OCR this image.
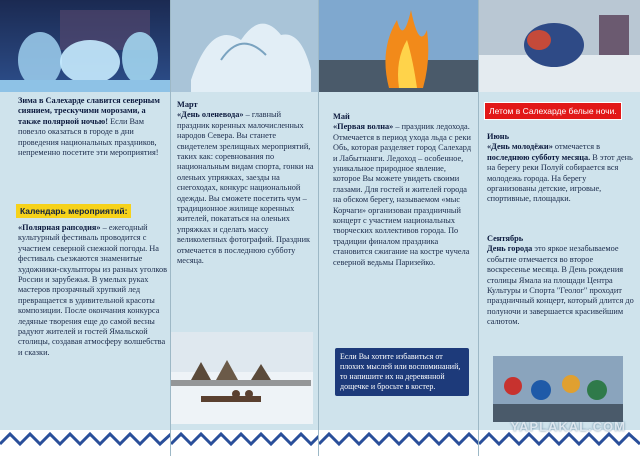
Зима в Салехарде славится северным сиянием, трескучими морозами, а также полярной ночью! Если Вам повезло оказаться в городе в дни проведения национальных праздников, непременно посетите эти мероприятия!
Календарь мероприятий:
«Полярная рапсодия» – ежегодный культурный фестиваль проводится с участием северной снежной погоды. На фестиваль съезжаются знаменитые художники-скульпторы из разных уголков России и зарубежья. В умелых руках мастеров прозрачный хрупкий лед превращается в удивительной красоты композиции. После окончания конкурса ледяные творения еще до самой весны радуют жителей и гостей Ямальской столицы, создавая атмосферу волшебства и сказки.
Март
«День оленевода» – главный праздник коренных малочисленных народов Севера. Вы станете свидетелем зрелищных мероприятий, таких как: соревнования по национальным видам спорта, гонки на оленьих упряжках, заезды на снегоходах, конкурс национальной одежды. Вы сможете посетить чум – традиционное жилище коренных жителей, покататься на оленьих упряжках и сделать массу великолепных фотографий. Праздник отмечается в последнюю субботу месяца.
Май
«Первая волна» – праздник ледохода. Отмечается в период ухода льда с реки Обь, которая разделяет город Салехард и Лабытнанги. Ледоход – особенное, уникальное природное явление, которое Вы можете увидеть своими глазами. Для гостей и жителей города на обском берегу, называемом «мыс Корчаги» организован праздничный концерт с участием национальных творческих коллективов города. По традиции финалом праздника становится сжигание на костре чучела северной ведьмы Паризейко.
Если Вы хотите избавиться от плохих мыслей или воспоминаний, то напишите их на деревянной дощечке и бросьте в костер.
Летом в Салехарде белые ночи.
Июнь
«День молодёжи» отмечается в последнюю субботу месяца. В этот день на берегу реки Полуй собирается вся молодежь города. На берегу организованы детские, игровые, спортивные, площадки.
Сентябрь
День города это яркое незабываемое событие отмечается во второе воскресенье месяца. В День рождения столицы Ямала на площади Центра Культуры и Спорта "Геолог" проходит праздничный концерт, который длится до полуночи и завершается красивейшим салютом.
YAPLAKAL.COM
